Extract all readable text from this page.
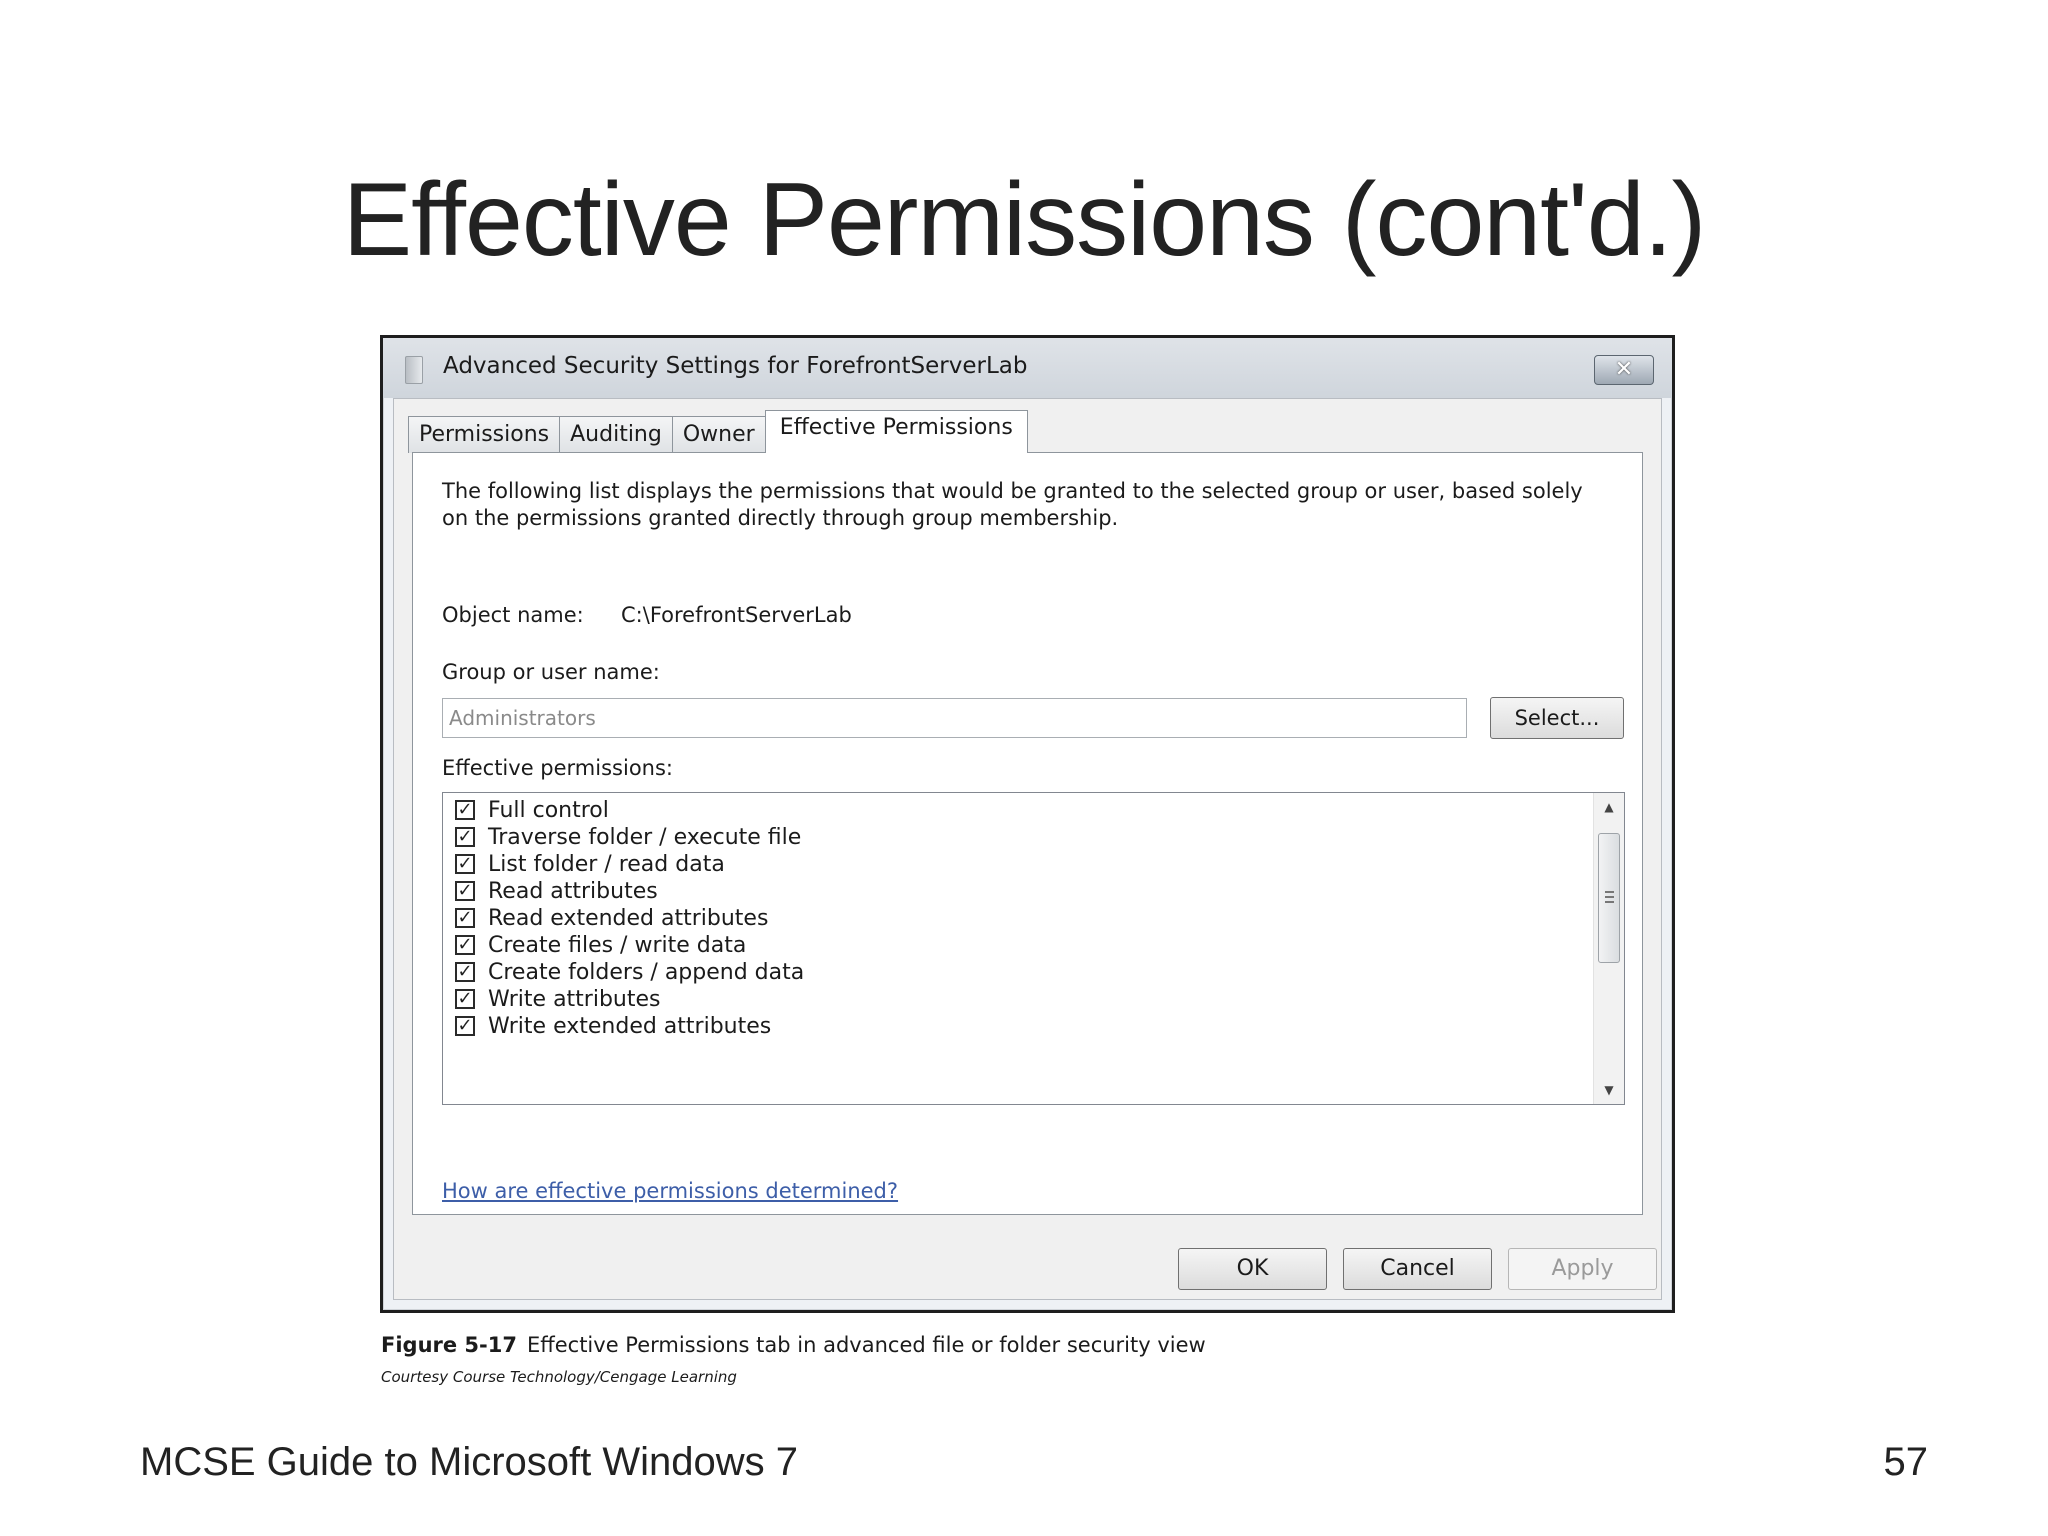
Effective Permissions (cont'd.)
Advanced Security Settings for ForefrontServerLab	✕
Permissions Auditing Owner	Effective Permissions
The following list displays the permissions that would be granted to the selected group or user, based solely on the permissions granted directly through group membership.
Object name: C:\ForefrontServerLab
Group or user name:
Administrators
Select...
Effective permissions:
✓ Full control
✓ Traverse folder / execute file
✓ List folder / read data
✓ Read attributes
✓ Read extended attributes
✓ Create files / write data
✓ Create folders / append data
✓ Write attributes
✓ Write extended attributes
▲
▼
How are effective permissions determined?
OK	Cancel	Apply
Figure 5-17 Effective Permissions tab in advanced file or folder security view
Courtesy Course Technology/Cengage Learning
MCSE Guide to Microsoft Windows 7	57
